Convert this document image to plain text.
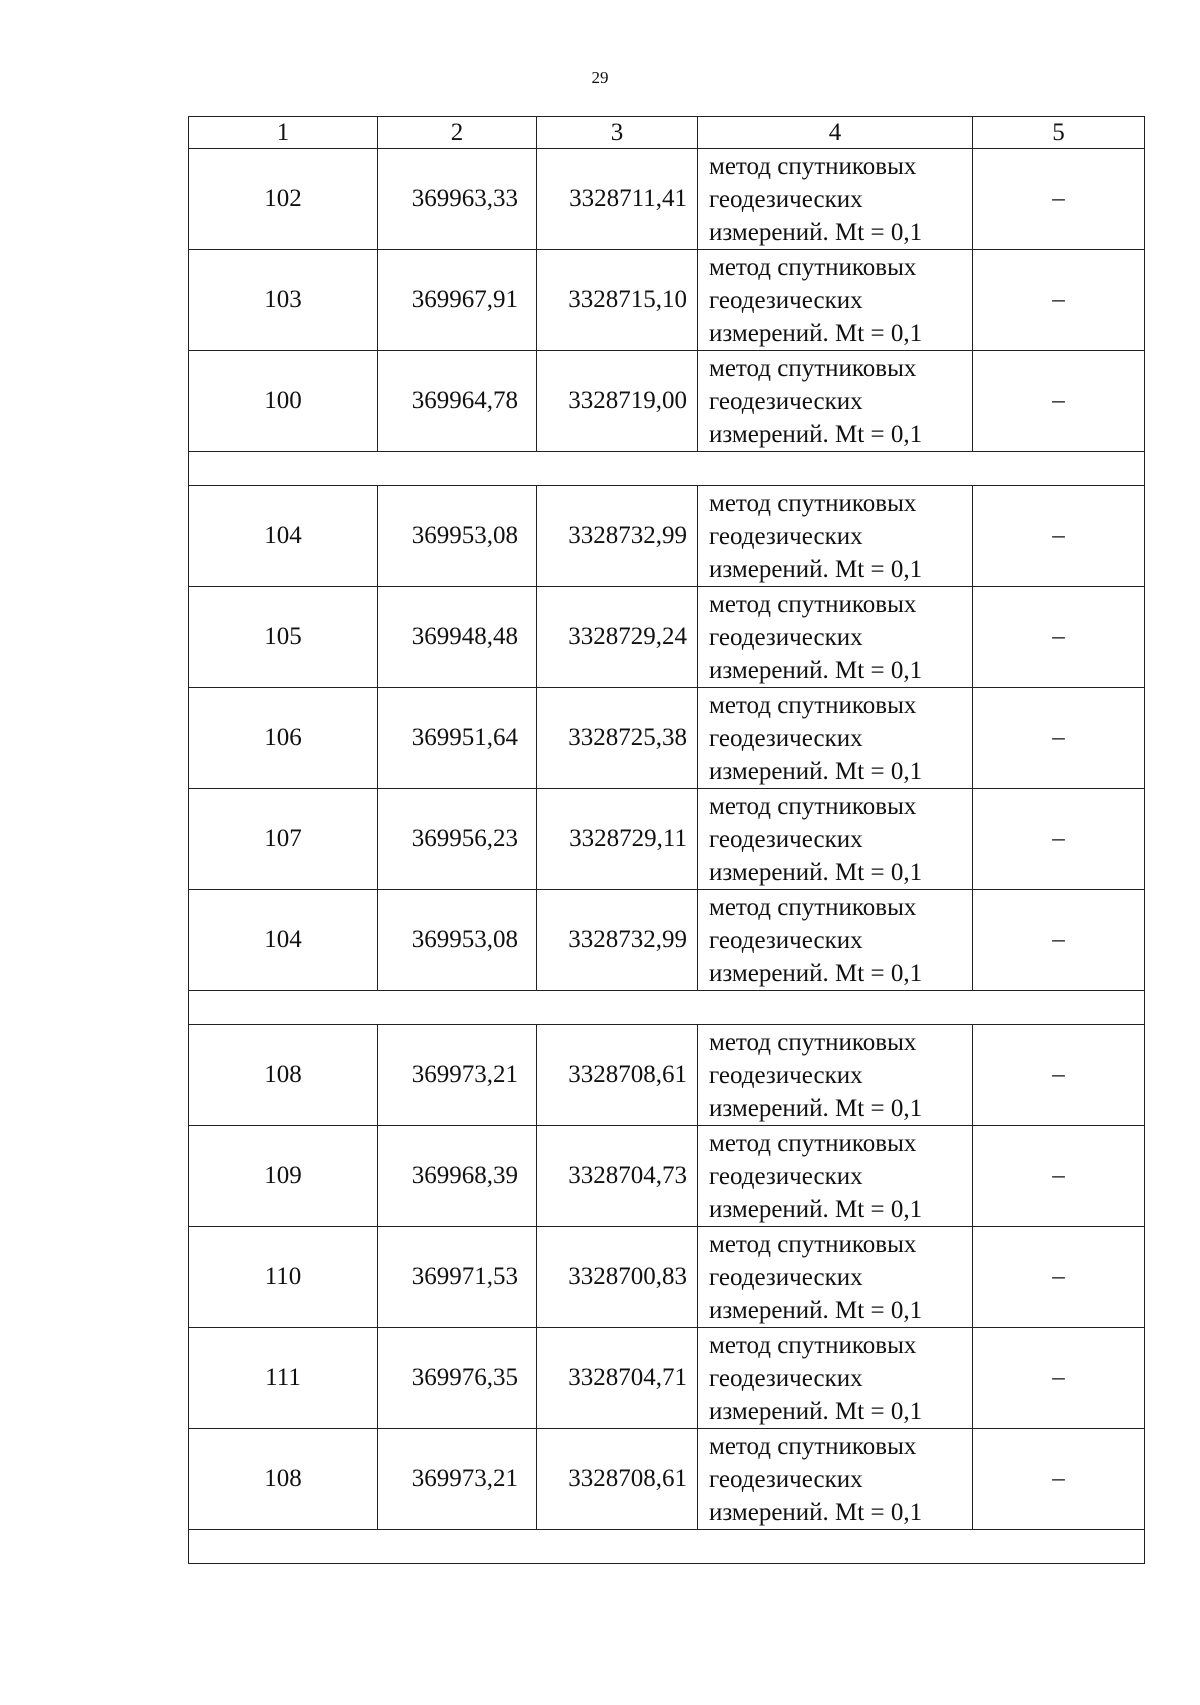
29
1	2	3	4	5
102	369963,33	3328711,41	метод спутниковых
геодезических
измерений. Mt = 0,1	–
103	369967,91	3328715,10	метод спутниковых
геодезических
измерений. Mt = 0,1	–
100	369964,78	3328719,00	метод спутниковых
геодезических
измерений. Mt = 0,1	–

104	369953,08	3328732,99	метод спутниковых
геодезических
измерений. Mt = 0,1	–
105	369948,48	3328729,24	метод спутниковых
геодезических
измерений. Mt = 0,1	–
106	369951,64	3328725,38	метод спутниковых
геодезических
измерений. Mt = 0,1	–
107	369956,23	3328729,11	метод спутниковых
геодезических
измерений. Mt = 0,1	–
104	369953,08	3328732,99	метод спутниковых
геодезических
измерений. Mt = 0,1	–

108	369973,21	3328708,61	метод спутниковых
геодезических
измерений. Mt = 0,1	–
109	369968,39	3328704,73	метод спутниковых
геодезических
измерений. Mt = 0,1	–
110	369971,53	3328700,83	метод спутниковых
геодезических
измерений. Mt = 0,1	–
111	369976,35	3328704,71	метод спутниковых
геодезических
измерений. Mt = 0,1	–
108	369973,21	3328708,61	метод спутниковых
геодезических
измерений. Mt = 0,1	–
